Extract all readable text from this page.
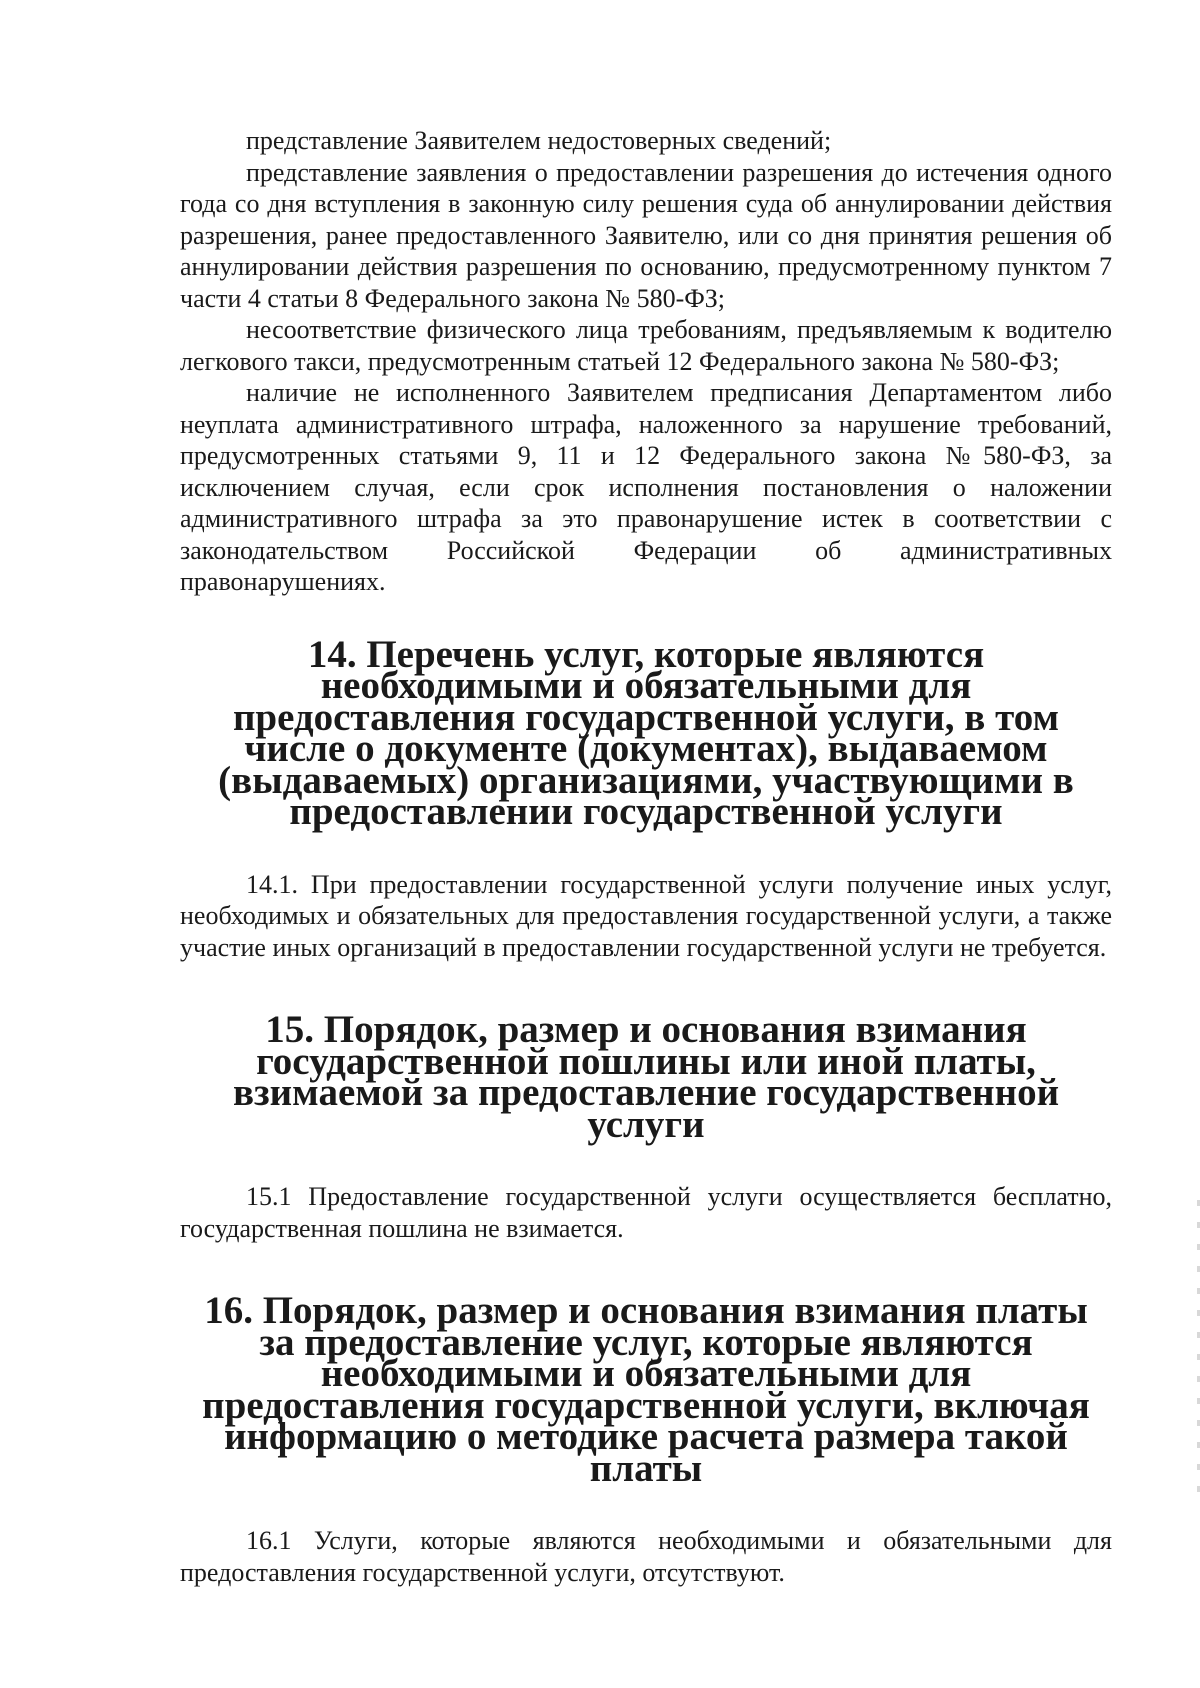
представление Заявителем недостоверных сведений;

представление заявления о предоставлении разрешения до истечения одного года со дня вступления в законную силу решения суда об аннулировании действия разрешения, ранее предоставленного Заявителю, или со дня принятия решения об аннулировании действия разрешения по основанию, предусмотренному пунктом 7 части 4 статьи 8 Федерального закона № 580-ФЗ;

несоответствие физического лица требованиям, предъявляемым к водителю легкового такси, предусмотренным статьей 12 Федерального закона № 580-ФЗ;

наличие не исполненного Заявителем предписания Департаментом либо неуплата административного штрафа, наложенного за нарушение требований, предусмотренных статьями 9, 11 и 12 Федерального закона №580-ФЗ, за исключением случая, если срок исполнения постановления о наложении административного штрафа за это правонарушение истек в соответствии с законодательством Российской Федерации об административных правонарушениях.

14. Перечень услуг, которые являются необходимыми и обязательными для предоставления государственной услуги, в том числе о документе (документах), выдаваемом (выдаваемых) организациями, участвующими в предоставлении государственной услуги

14.1. При предоставлении государственной услуги получение иных услуг, необходимых и обязательных для предоставления государственной услуги, а также участие иных организаций в предоставлении государственной услуги не требуется.

15. Порядок, размер и основания взимания государственной пошлины или иной платы, взимаемой за предоставление государственной услуги

15.1 Предоставление государственной услуги осуществляется бесплатно, государственная пошлина не взимается.

16. Порядок, размер и основания взимания платы за предоставление услуг, которые являются необходимыми и обязательными для предоставления государственной услуги, включая информацию о методике расчета размера такой платы

16.1 Услуги, которые являются необходимыми и обязательными для предоставления государственной услуги, отсутствуют.
